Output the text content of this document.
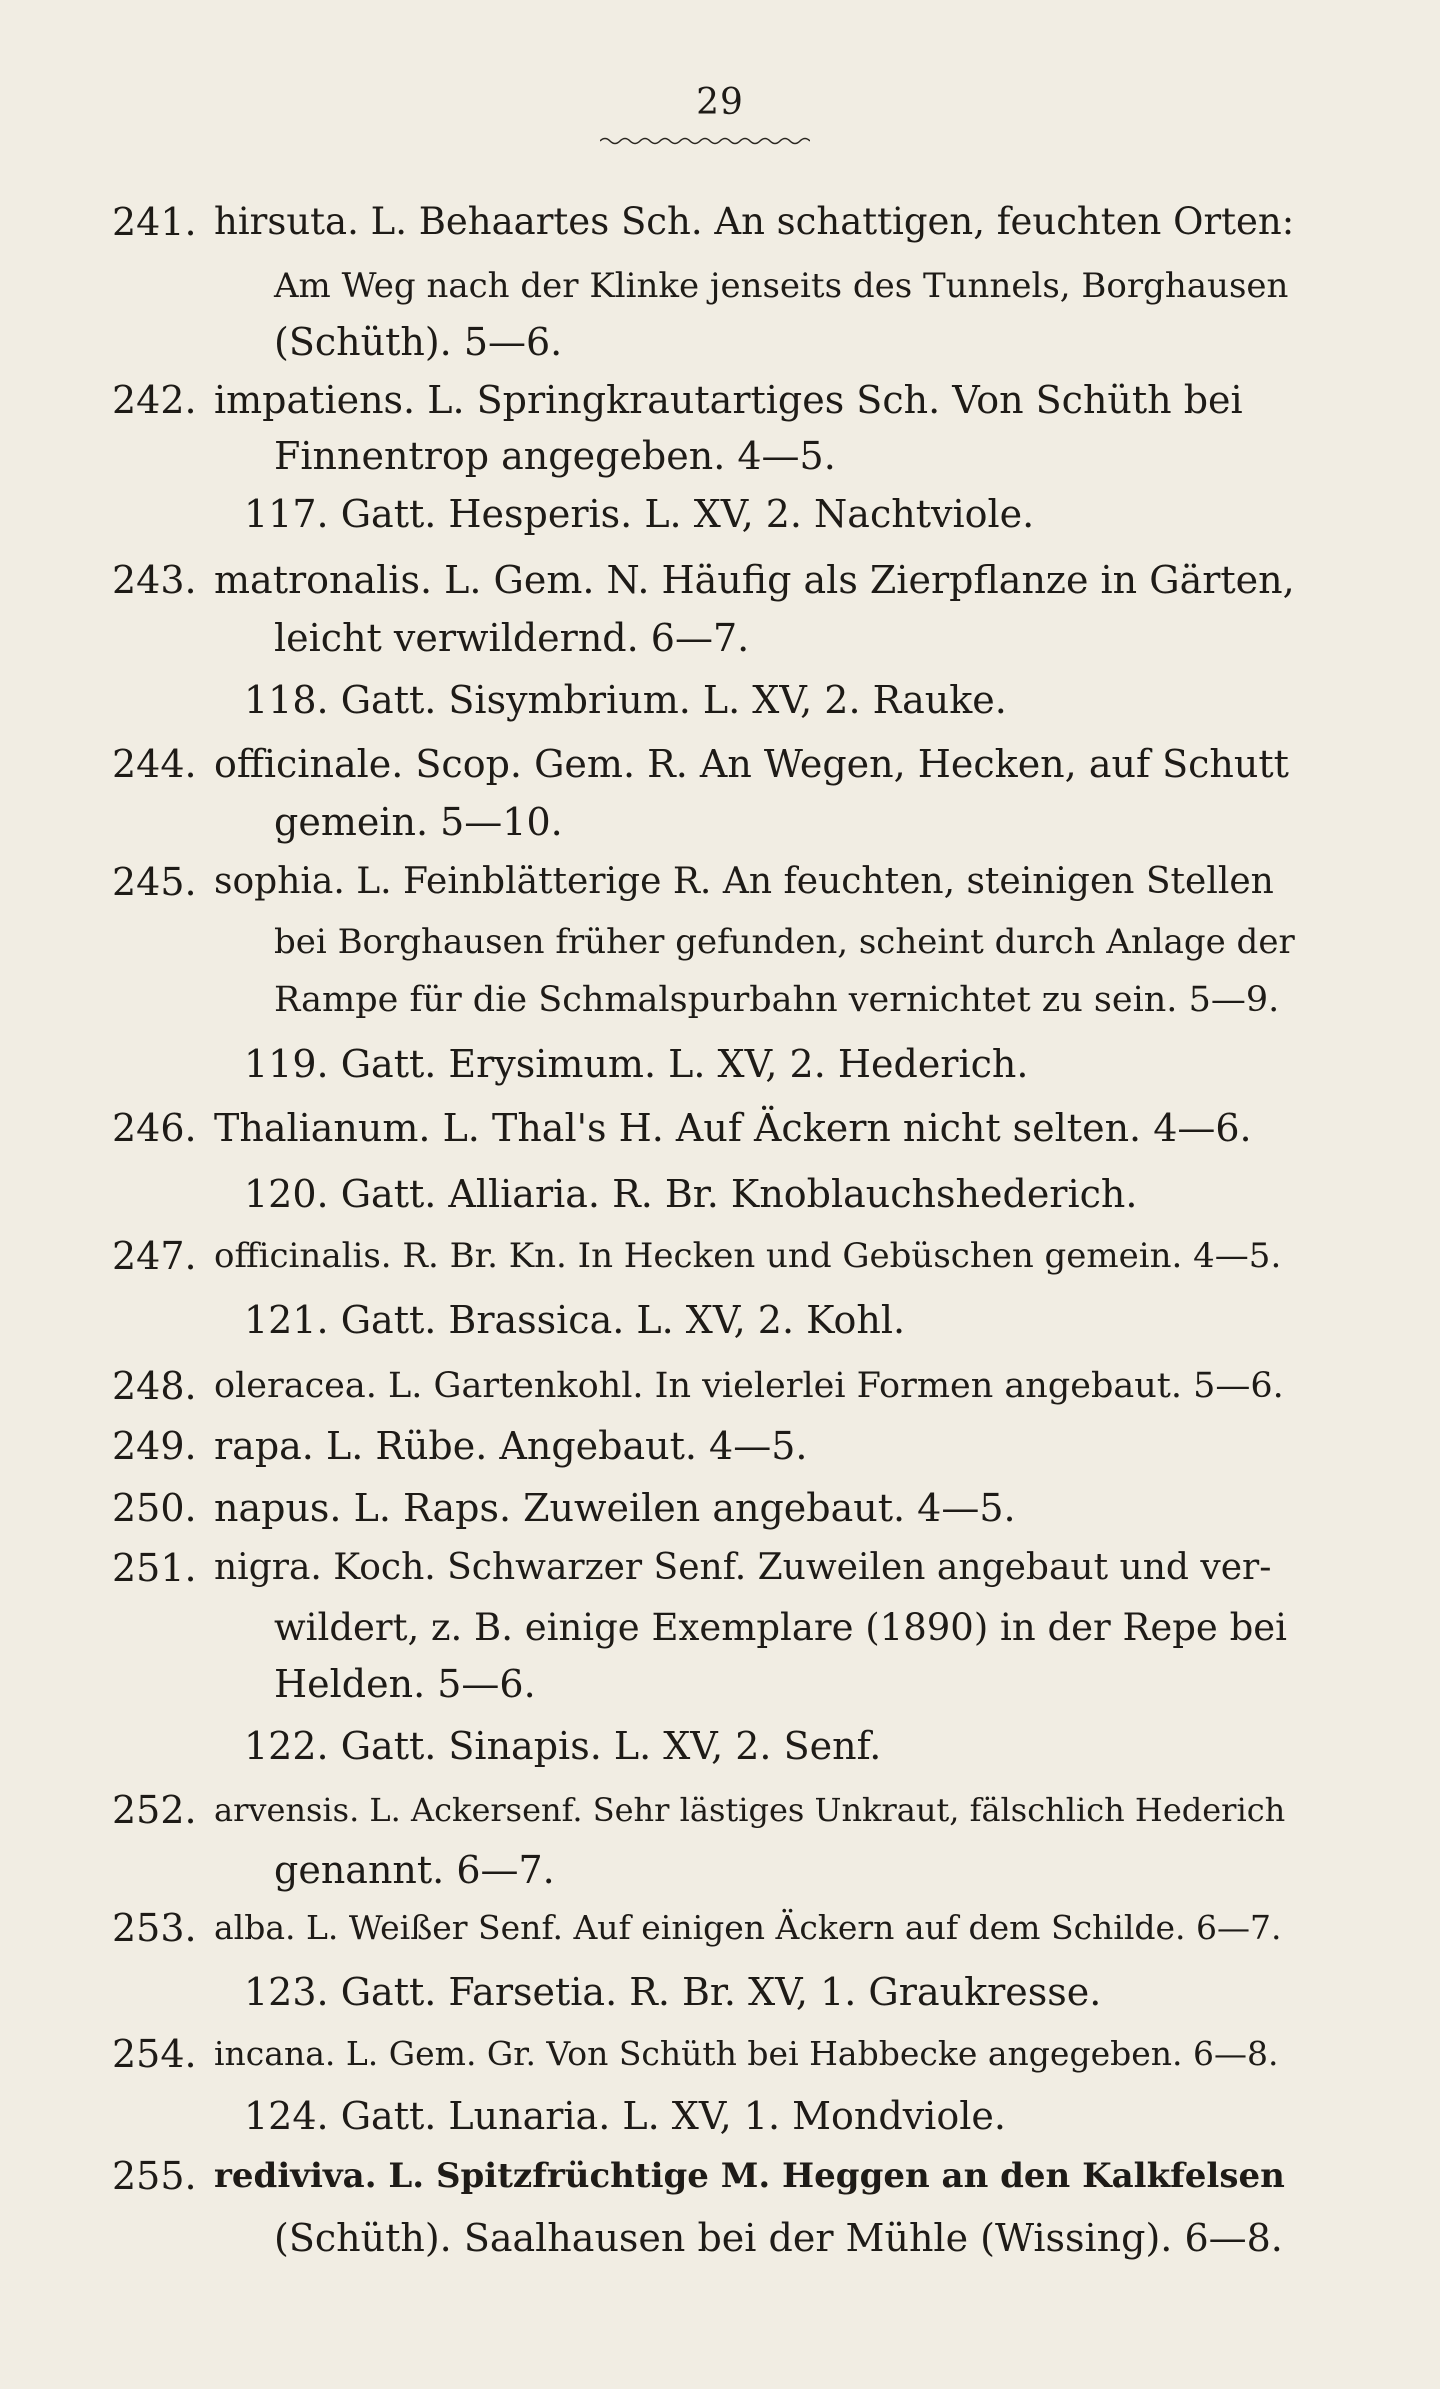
29
241. hirsuta. L. Behaartes Sch. An schattigen, feuchten Orten:
Am Weg nach der Klinke jenseits des Tunnels, Borghausen
(Schüth). 5—6.
242. impatiens. L. Springkrautartiges Sch. Von Schüth bei
Finnentrop angegeben. 4—5.
117. Gatt. Hesperis. L. XV, 2. Nachtviole.
243. matronalis. L. Gem. N. Häufig als Zierpflanze in Gärten,
leicht verwildernd. 6—7.
118. Gatt. Sisymbrium. L. XV, 2. Rauke.
244. officinale. Scop. Gem. R. An Wegen, Hecken, auf Schutt
gemein. 5—10.
245. sophia. L. Feinblätterige R. An feuchten, steinigen Stellen
bei Borghausen früher gefunden, scheint durch Anlage der
Rampe für die Schmalspurbahn vernichtet zu sein. 5—9.
119. Gatt. Erysimum. L. XV, 2. Hederich.
246. Thalianum. L. Thal's H. Auf Äckern nicht selten. 4—6.
120. Gatt. Alliaria. R. Br. Knoblauchshederich.
247. officinalis. R. Br. Kn. In Hecken und Gebüschen gemein. 4—5.
121. Gatt. Brassica. L. XV, 2. Kohl.
248. oleracea. L. Gartenkohl. In vielerlei Formen angebaut. 5—6.
249. rapa. L. Rübe. Angebaut. 4—5.
250. napus. L. Raps. Zuweilen angebaut. 4—5.
251. nigra. Koch. Schwarzer Senf. Zuweilen angebaut und ver-
wildert, z. B. einige Exemplare (1890) in der Repe bei
Helden. 5—6.
122. Gatt. Sinapis. L. XV, 2. Senf.
252. arvensis. L. Ackersenf. Sehr lästiges Unkraut, fälschlich Hederich
genannt. 6—7.
253. alba. L. Weißer Senf. Auf einigen Äckern auf dem Schilde. 6—7.
123. Gatt. Farsetia. R. Br. XV, 1. Graukresse.
254. incana. L. Gem. Gr. Von Schüth bei Habbecke angegeben. 6—8.
124. Gatt. Lunaria. L. XV, 1. Mondviole.
255. rediviva. L. Spitzfrüchtige M. Heggen an den Kalkfelsen
(Schüth). Saalhausen bei der Mühle (Wissing). 6—8.
